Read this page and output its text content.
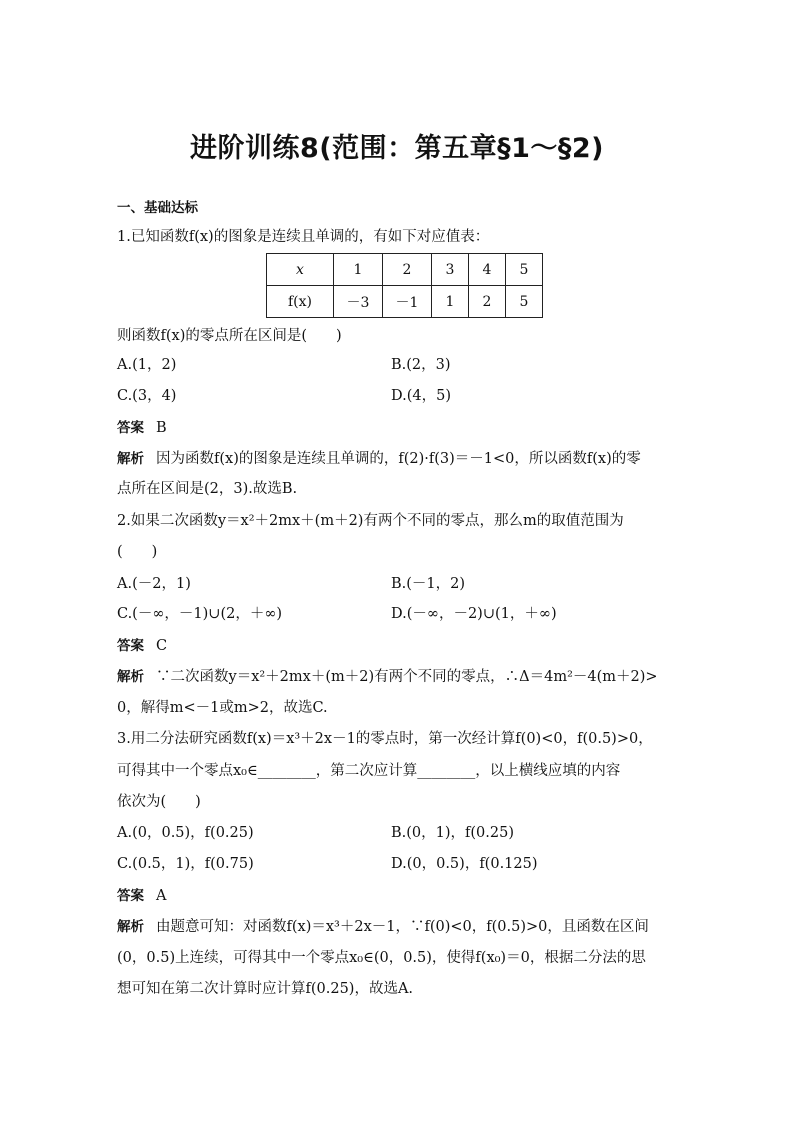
进阶训练8(范围：第五章§1～§2)
一、基础达标
1.已知函数f(x)的图象是连续且单调的，有如下对应值表：
x	1	2	3	4	5
f(x)	－3	－1	1	2	5
则函数f(x)的零点所在区间是(　　)
A.(1，2)	B.(2，3)
C.(3，4)	D.(4，5)
答案 B
解析 因为函数f(x)的图象是连续且单调的，f(2)·f(3)＝－1<0，所以函数f(x)的零
点所在区间是(2，3).故选B.
2.如果二次函数y＝x²＋2mx＋(m＋2)有两个不同的零点，那么m的取值范围为
(　　)
A.(－2，1)	B.(－1，2)
C.(－∞，－1)∪(2，＋∞)	D.(－∞，－2)∪(1，＋∞)
答案 C
解析 ∵二次函数y＝x²＋2mx＋(m＋2)有两个不同的零点，∴Δ＝4m²－4(m＋2)>
0，解得m<－1或m>2，故选C.
3.用二分法研究函数f(x)＝x³＋2x－1的零点时，第一次经计算f(0)<0，f(0.5)>0，
可得其中一个零点x₀∈________，第二次应计算________，以上横线应填的内容
依次为(　　)
A.(0，0.5)，f(0.25)	B.(0，1)，f(0.25)
C.(0.5，1)，f(0.75)	D.(0，0.5)，f(0.125)
答案 A
解析 由题意可知：对函数f(x)＝x³＋2x－1，∵f(0)<0，f(0.5)>0，且函数在区间
(0，0.5)上连续，可得其中一个零点x₀∈(0，0.5)，使得f(x₀)＝0，根据二分法的思
想可知在第二次计算时应计算f(0.25)，故选A.
